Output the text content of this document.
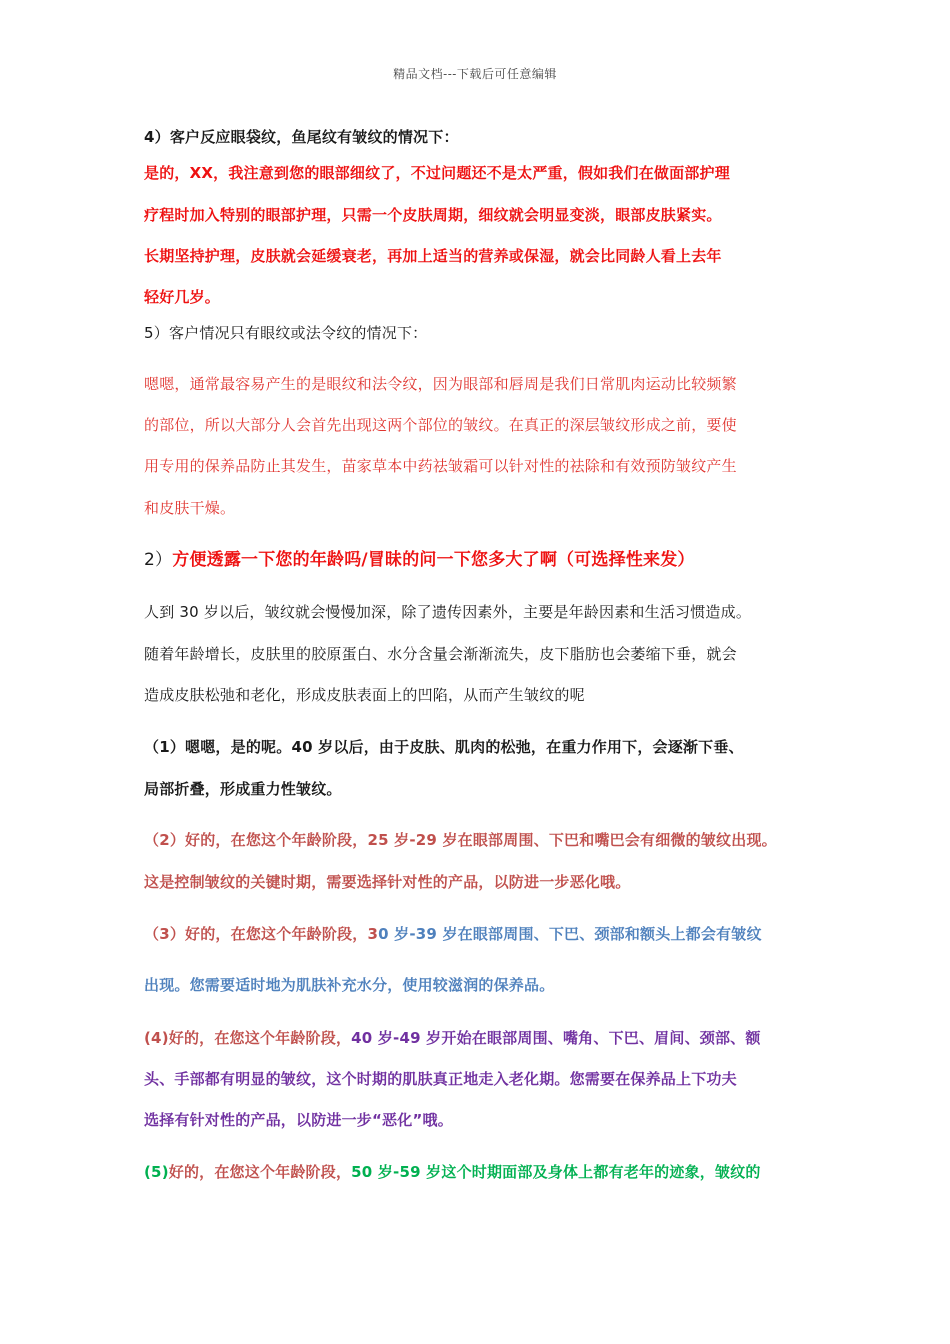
精品文档---下载后可任意编辑
4）客户反应眼袋纹，鱼尾纹有皱纹的情况下：
是的，XX，我注意到您的眼部细纹了，不过问题还不是太严重，假如我们在做面部护理
疗程时加入特别的眼部护理，只需一个皮肤周期，细纹就会明显变淡，眼部皮肤紧实。
长期坚持护理，皮肤就会延缓衰老，再加上适当的营养或保湿，就会比同龄人看上去年
轻好几岁。
5）客户情况只有眼纹或法令纹的情况下：
嗯嗯，通常最容易产生的是眼纹和法令纹，因为眼部和唇周是我们日常肌肉运动比较频繁
的部位，所以大部分人会首先出现这两个部位的皱纹。在真正的深层皱纹形成之前，要使
用专用的保养品防止其发生，苗家草本中药祛皱霜可以针对性的祛除和有效预防皱纹产生
和皮肤干燥。
2）方便透露一下您的年龄吗/冒昧的问一下您多大了啊（可选择性来发）
人到 30 岁以后，皱纹就会慢慢加深，除了遗传因素外，主要是年龄因素和生活习惯造成。
随着年龄增长，皮肤里的胶原蛋白、水分含量会渐渐流失，皮下脂肪也会萎缩下垂，就会
造成皮肤松弛和老化，形成皮肤表面上的凹陷，从而产生皱纹的呢
（1）嗯嗯，是的呢。40 岁以后，由于皮肤、肌肉的松弛，在重力作用下，会逐渐下垂、
局部折叠，形成重力性皱纹。
（2）好的，在您这个年龄阶段，25 岁-29 岁在眼部周围、下巴和嘴巴会有细微的皱纹出现。
这是控制皱纹的关键时期，需要选择针对性的产品，以防进一步恶化哦。
（3）好的，在您这个年龄阶段，30 岁-39 岁在眼部周围、下巴、颈部和额头上都会有皱纹
出现。您需要适时地为肌肤补充水分，使用较滋润的保养品。
(4)好的，在您这个年龄阶段，40 岁-49 岁开始在眼部周围、嘴角、下巴、眉间、颈部、额
头、手部都有明显的皱纹，这个时期的肌肤真正地走入老化期。您需要在保养品上下功夫
选择有针对性的产品，以防进一步“恶化”哦。
(5)好的，在您这个年龄阶段，50 岁-59 岁这个时期面部及身体上都有老年的迹象，皱纹的
